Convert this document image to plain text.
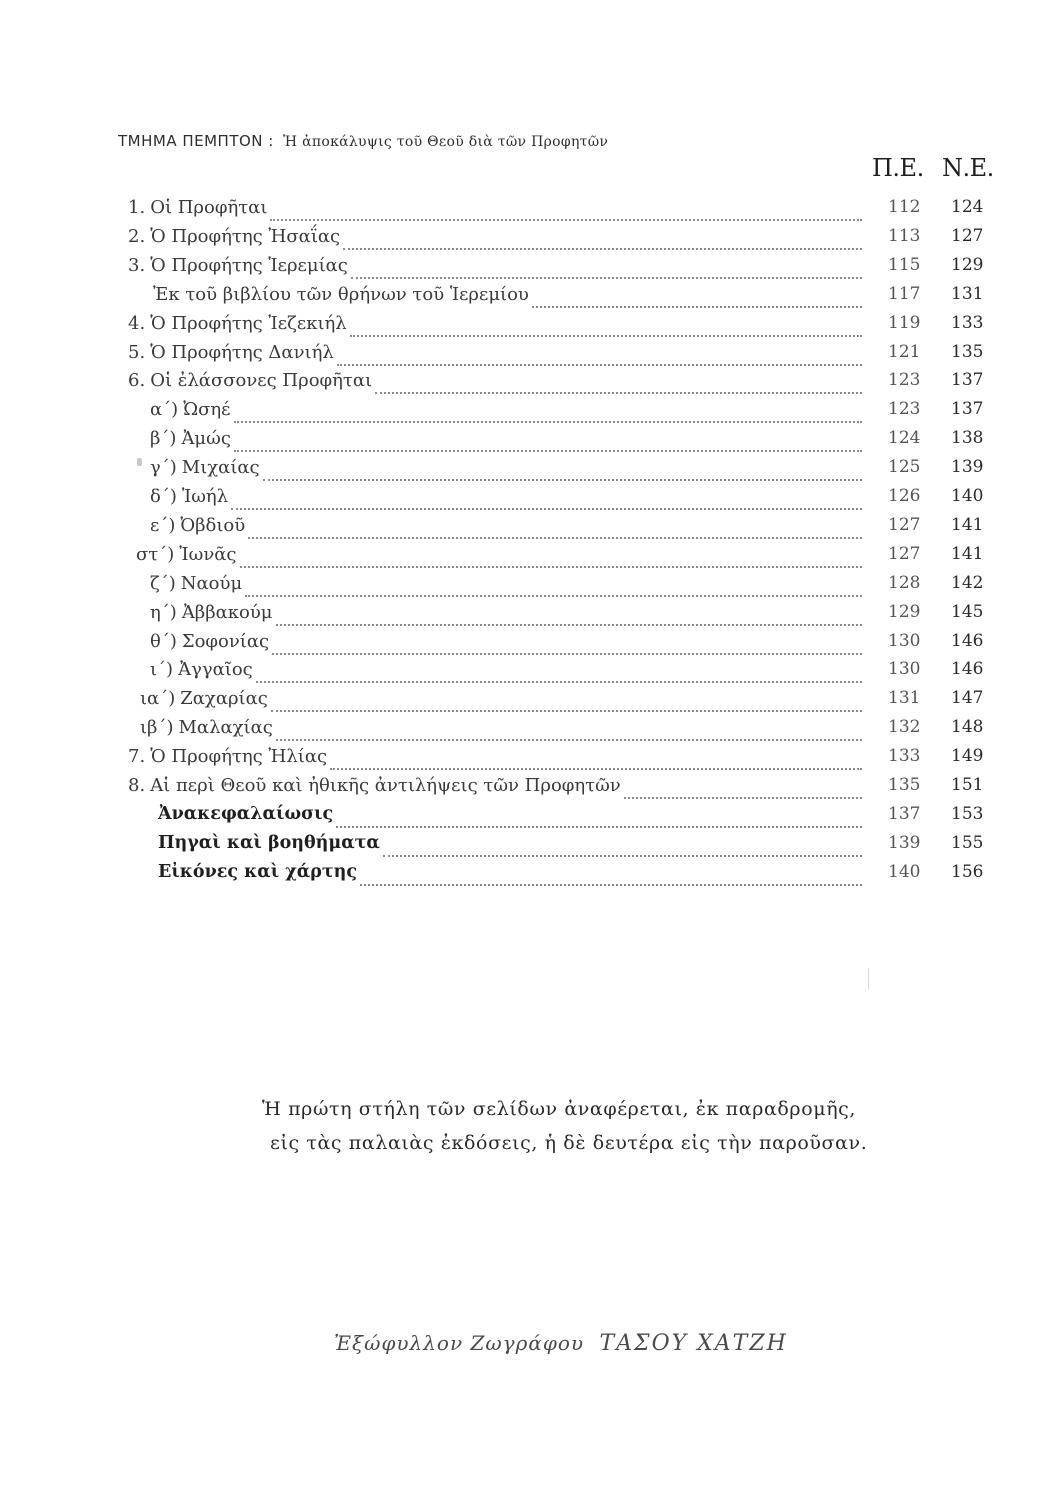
ΤΜΗΜΑ ΠΕΜΠΤΟΝ : Ἡ ἀποκάλυψις τοῦ Θεοῦ διὰ τῶν Προφητῶν
Π.Ε. Ν.Ε.
1. Οἱ Προφῆται	112 124
2. Ὁ Προφήτης Ἠσαΐας	113 127
3. Ὁ Προφήτης Ἱερεμίας	115 129
Ἐκ τοῦ βιβλίου τῶν θρήνων τοῦ Ἱερεμίου	117 131
4. Ὁ Προφήτης Ἰεζεκιήλ	119 133
5. Ὁ Προφήτης Δανιήλ	121 135
6. Οἱ ἐλάσσονες Προφῆται	123 137
α΄) Ὠσηέ	123 137
β΄) Ἀμώς	124 138
γ΄) Μιχαίας	125 139
δ΄) Ἰωήλ	126 140
ε΄) Ὀβδιοῦ	127 141
στ΄) Ἰωνᾶς	127 141
ζ΄) Ναούμ	128 142
η΄) Ἀββακούμ	129 145
θ΄) Σοφονίας	130 146
ι΄) Ἀγγαῖος	130 146
ια΄) Ζαχαρίας	131 147
ιβ΄) Μαλαχίας	132 148
7. Ὁ Προφήτης Ἠλίας	133 149
8. Αἱ περὶ Θεοῦ καὶ ἠθικῆς ἀντιλήψεις τῶν Προφητῶν	135 151
Ἀνακεφαλαίωσις	137 153
Πηγαὶ καὶ βοηθήματα	139 155
Εἰκόνες καὶ χάρτης	140 156
Ἡ πρώτη στήλη τῶν σελίδων ἀναφέρεται, ἐκ παραδρομῆς,
εἰς τὰς παλαιὰς ἐκδόσεις, ἡ δὲ δευτέρα εἰς τὴν παροῦσαν.
Ἐξώφυλλον Ζωγράφου ΤΑΣΟΥ ΧΑΤΖΗ
